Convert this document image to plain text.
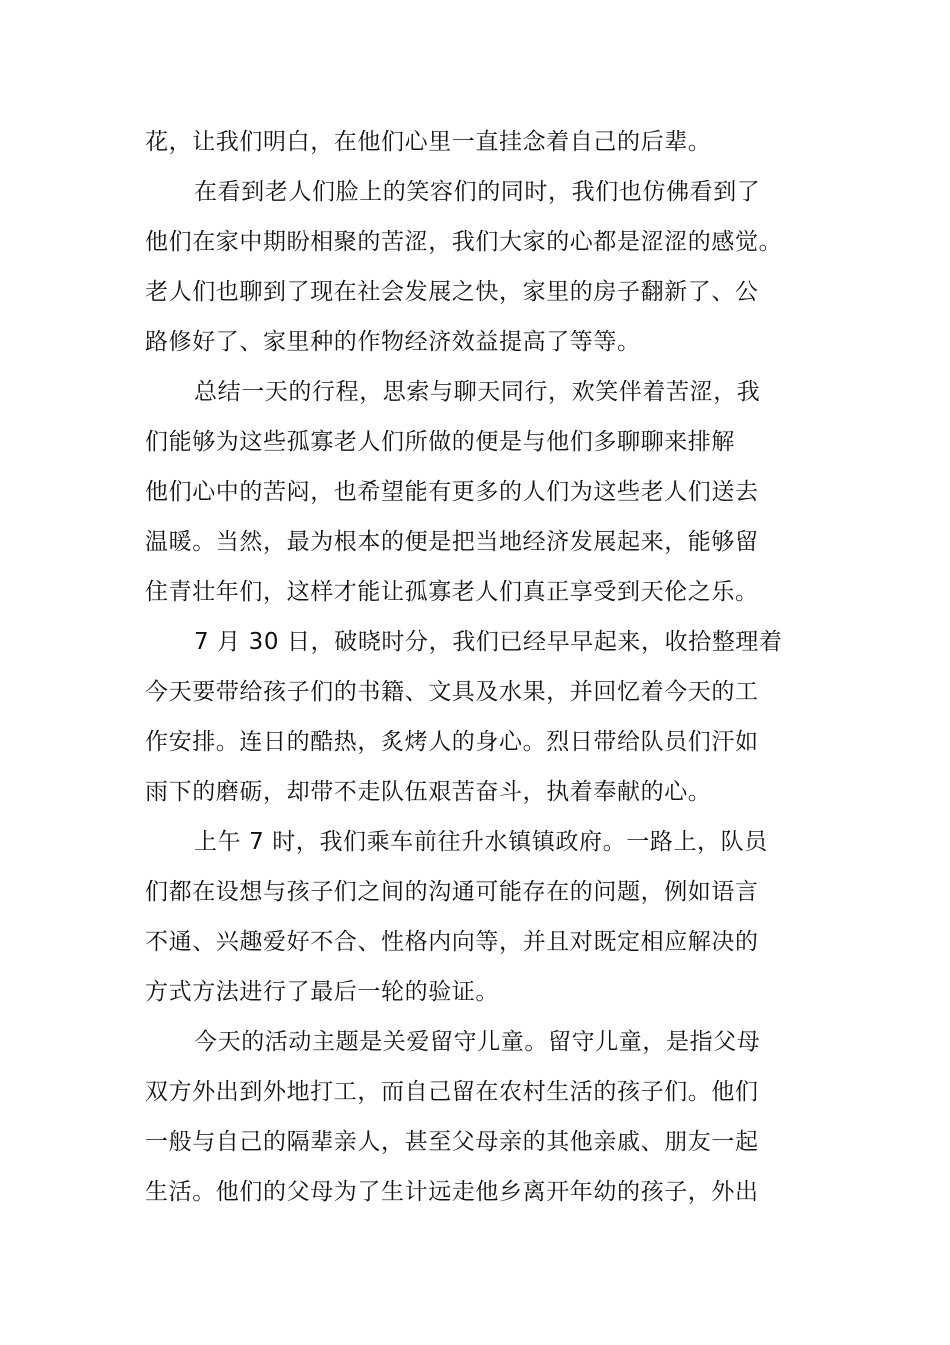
花，让我们明白，在他们心里一直挂念着自己的后辈。
在看到老人们脸上的笑容们的同时，我们也仿佛看到了
他们在家中期盼相聚的苦涩，我们大家的心都是涩涩的感觉。
老人们也聊到了现在社会发展之快，家里的房子翻新了、公
路修好了、家里种的作物经济效益提高了等等。
总结一天的行程，思索与聊天同行，欢笑伴着苦涩，我
们能够为这些孤寡老人们所做的便是与他们多聊聊来排解
他们心中的苦闷，也希望能有更多的人们为这些老人们送去
温暖。当然，最为根本的便是把当地经济发展起来，能够留
住青壮年们，这样才能让孤寡老人们真正享受到天伦之乐。
7 月 30 日，破晓时分，我们已经早早起来，收拾整理着
今天要带给孩子们的书籍、文具及水果，并回忆着今天的工
作安排。连日的酷热，炙烤人的身心。烈日带给队员们汗如
雨下的磨砺，却带不走队伍艰苦奋斗，执着奉献的心。
上午 7 时，我们乘车前往升水镇镇政府。一路上，队员
们都在设想与孩子们之间的沟通可能存在的问题，例如语言
不通、兴趣爱好不合、性格内向等，并且对既定相应解决的
方式方法进行了最后一轮的验证。
今天的活动主题是关爱留守儿童。留守儿童，是指父母
双方外出到外地打工，而自己留在农村生活的孩子们。他们
一般与自己的隔辈亲人，甚至父母亲的其他亲戚、朋友一起
生活。他们的父母为了生计远走他乡离开年幼的孩子，外出
